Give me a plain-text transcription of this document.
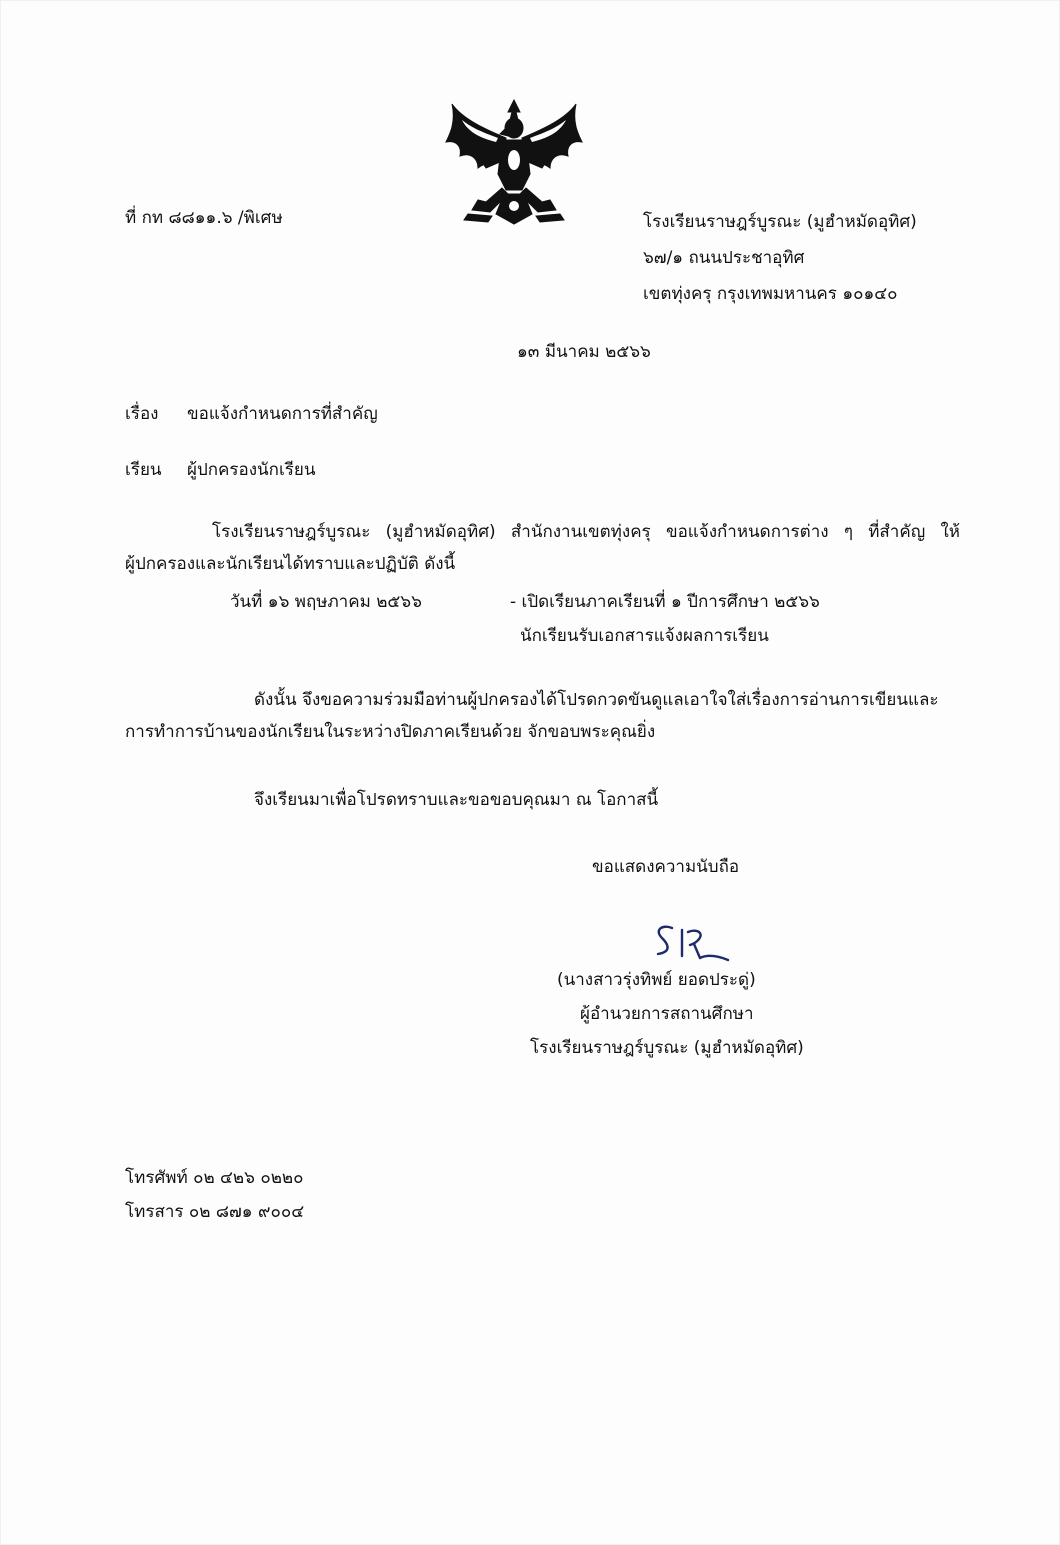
ที่ กท ๘๘๑๑.๖ /พิเศษ	โรงเรียนราษฎร์บูรณะ (มูฮำหมัดอุทิศ)
๖๗/๑ ถนนประชาอุทิศ
เขตทุ่งครุ กรุงเทพมหานคร ๑๐๑๔๐
๑๓ มีนาคม ๒๕๖๖
เรื่อง ขอแจ้งกำหนดการที่สำคัญ
เรียน ผู้ปกครองนักเรียน
โรงเรียนราษฎร์บูรณะ (มูฮำหมัดอุทิศ) สำนักงานเขตทุ่งครุ ขอแจ้งกำหนดการต่าง ๆ ที่สำคัญ ให้
ผู้ปกครองและนักเรียนได้ทราบและปฏิบัติ ดังนี้
วันที่ ๑๖ พฤษภาคม ๒๕๖๖	- เปิดเรียนภาคเรียนที่ ๑ ปีการศึกษา ๒๕๖๖
นักเรียนรับเอกสารแจ้งผลการเรียน
ดังนั้น จึงขอความร่วมมือท่านผู้ปกครองได้โปรดกวดขันดูแลเอาใจใส่เรื่องการอ่านการเขียนและ
การทำการบ้านของนักเรียนในระหว่างปิดภาคเรียนด้วย จักขอบพระคุณยิ่ง
จึงเรียนมาเพื่อโปรดทราบและขอขอบคุณมา ณ โอกาสนี้
ขอแสดงความนับถือ
(นางสาวรุ่งทิพย์ ยอดประดู่)
ผู้อำนวยการสถานศึกษา
โรงเรียนราษฎร์บูรณะ (มูฮำหมัดอุทิศ)
โทรศัพท์ ๐๒ ๔๒๖ ๐๒๒๐
โทรสาร ๐๒ ๘๗๑ ๙๐๐๔
